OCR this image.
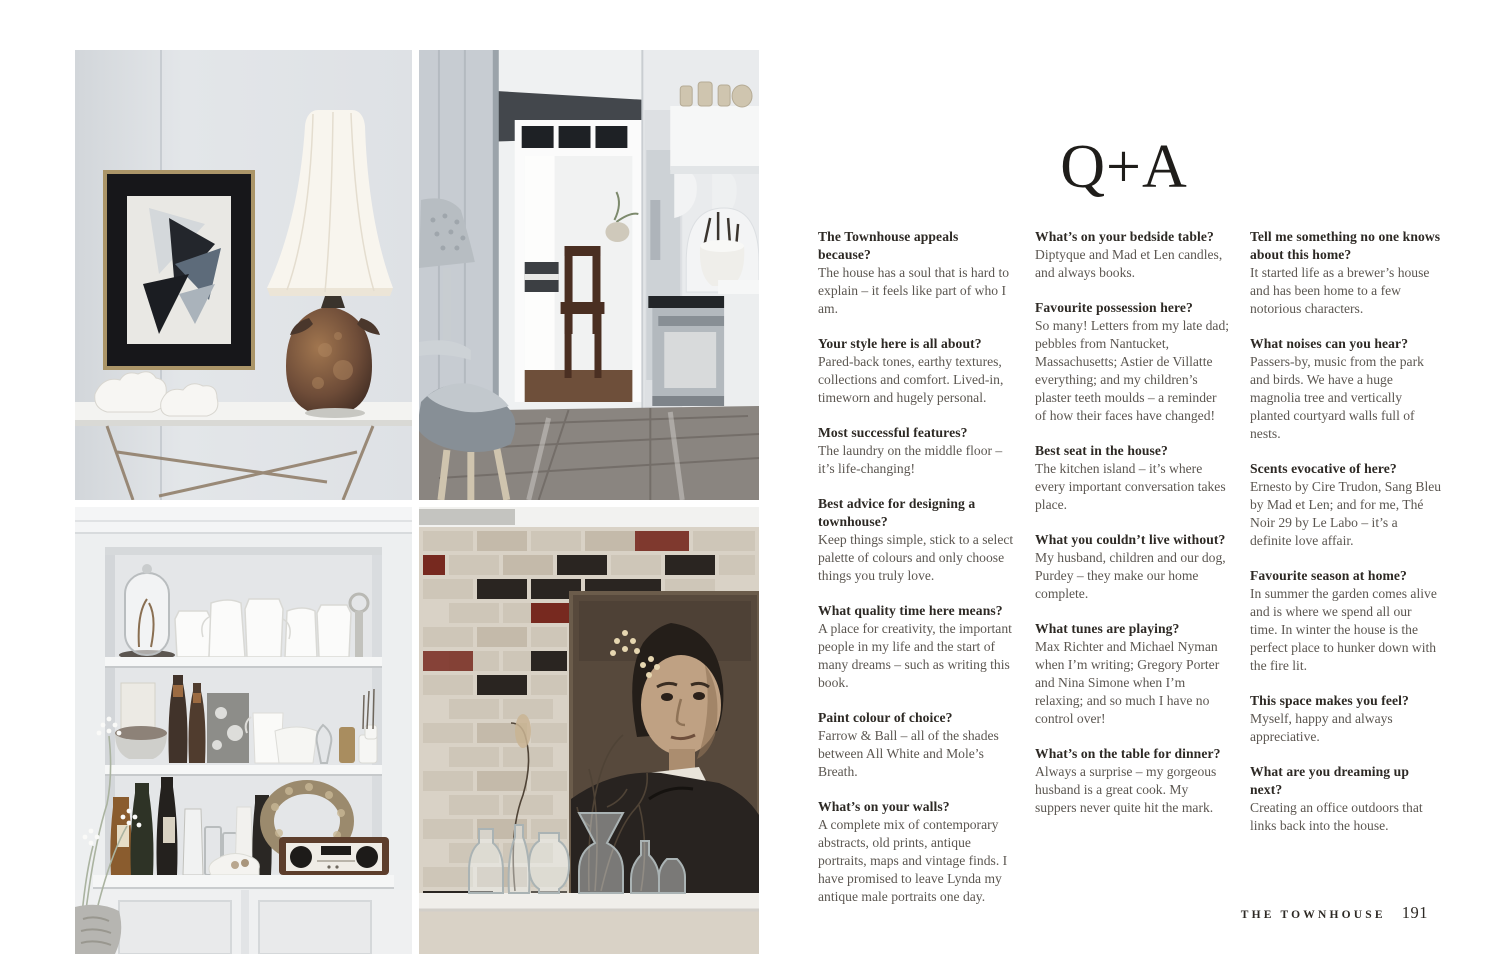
Q+A
The Townhouse appeals because?

The house has a soul that is hard to explain – it feels like part of who I am.

Your style here is all about?

Pared-back tones, earthy textures, collections and comfort. Lived-in, timeworn and hugely personal.

Most successful features?

The laundry on the middle floor – it’s life-changing!

Best advice for designing a townhouse?

Keep things simple, stick to a select palette of colours and only choose things you truly love.

What quality time here means?

A place for creativity, the important people in my life and the start of many dreams – such as writing this book.

Paint colour of choice?

Farrow & Ball – all of the shades between All White and Mole’s Breath.

What’s on your walls?

A complete mix of contemporary abstracts, old prints, antique portraits, maps and vintage finds. I have promised to leave Lynda my antique male portraits one day.

What’s on your bedside table?

Diptyque and Mad et Len candles, and always books.

Favourite possession here?

So many! Letters from my late dad; pebbles from Nantucket, Massachusetts; Astier de Villatte everything; and my children’s plaster teeth moulds – a reminder of how their faces have changed!

Best seat in the house?

The kitchen island – it’s where every important conversation takes place.

What you couldn’t live without?

My husband, children and our dog, Purdey – they make our home complete.

What tunes are playing?

Max Richter and Michael Nyman when I’m writing; Gregory Porter and Nina Simone when I’m relaxing; and so much I have no control over!

What’s on the table for dinner?

Always a surprise – my gorgeous husband is a great cook. My suppers never quite hit the mark.

Tell me something no one knows about this home?

It started life as a brewer’s house and has been home to a few notorious characters.

What noises can you hear?

Passers-by, music from the park and birds. We have a huge magnolia tree and vertically planted courtyard walls full of nests.

Scents evocative of here?

Ernesto by Cire Trudon, Sang Bleu by Mad et Len; and for me, Thé Noir 29 by Le Labo – it’s a definite love affair.

Favourite season at home?

In summer the garden comes alive and is where we spend all our time. In winter the house is the perfect place to hunker down with the fire lit.

This space makes you feel?

Myself, happy and always appreciative.

What are you dreaming up next?

Creating an office outdoors that links back into the house.

THE TOWNHOUSE 191
